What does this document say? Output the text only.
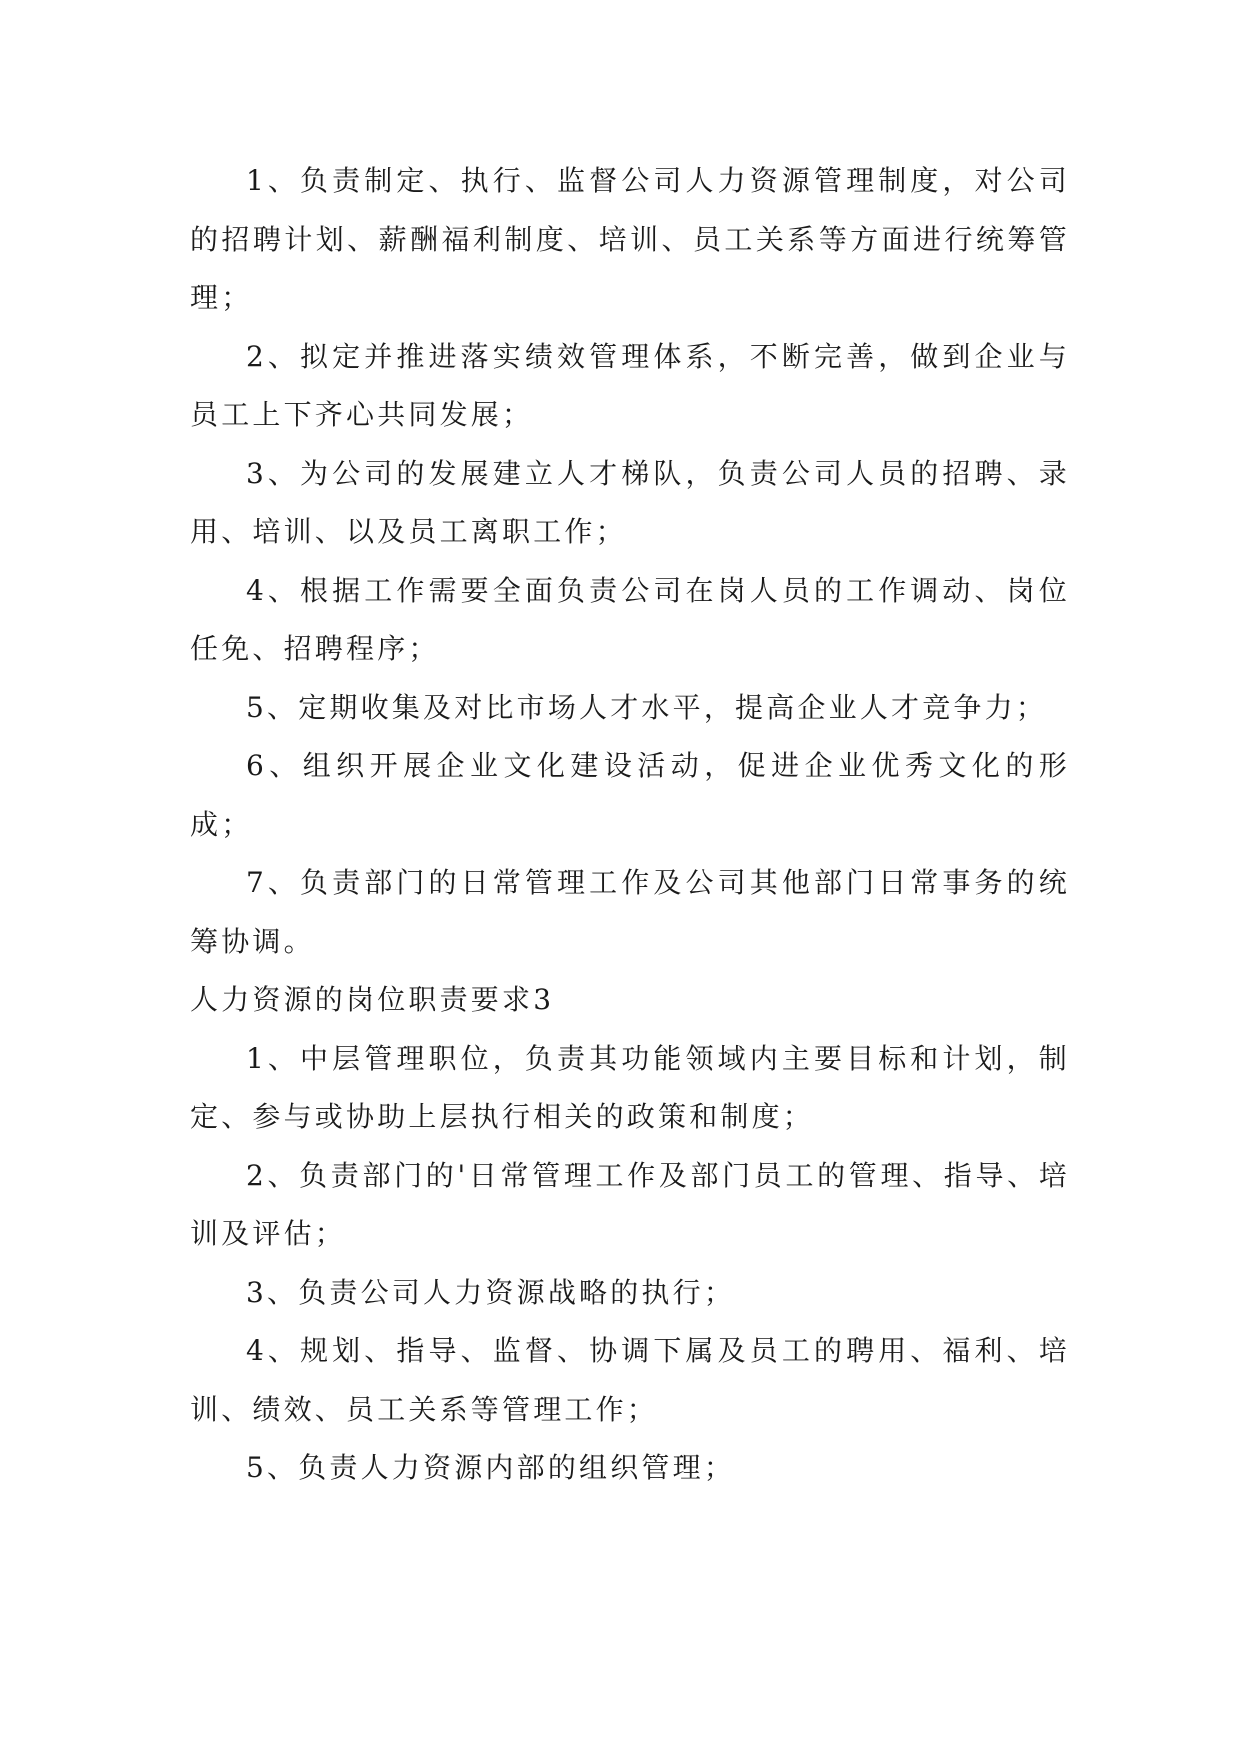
1、负责制定、执行、监督公司人力资源管理制度，对公司的招聘计划、薪酬福利制度、培训、员工关系等方面进行统筹管理；

2、拟定并推进落实绩效管理体系，不断完善，做到企业与员工上下齐心共同发展；

3、为公司的发展建立人才梯队，负责公司人员的招聘、录用、培训、以及员工离职工作；

4、根据工作需要全面负责公司在岗人员的工作调动、岗位任免、招聘程序；

5、定期收集及对比市场人才水平，提高企业人才竞争力；

6、组织开展企业文化建设活动，促进企业优秀文化的形成；

7、负责部门的日常管理工作及公司其他部门日常事务的统筹协调。

人力资源的岗位职责要求3

1、中层管理职位，负责其功能领域内主要目标和计划，制定、参与或协助上层执行相关的政策和制度；

2、负责部门的'日常管理工作及部门员工的管理、指导、培训及评估；

3、负责公司人力资源战略的执行；

4、规划、指导、监督、协调下属及员工的聘用、福利、培训、绩效、员工关系等管理工作；

5、负责人力资源内部的组织管理；
